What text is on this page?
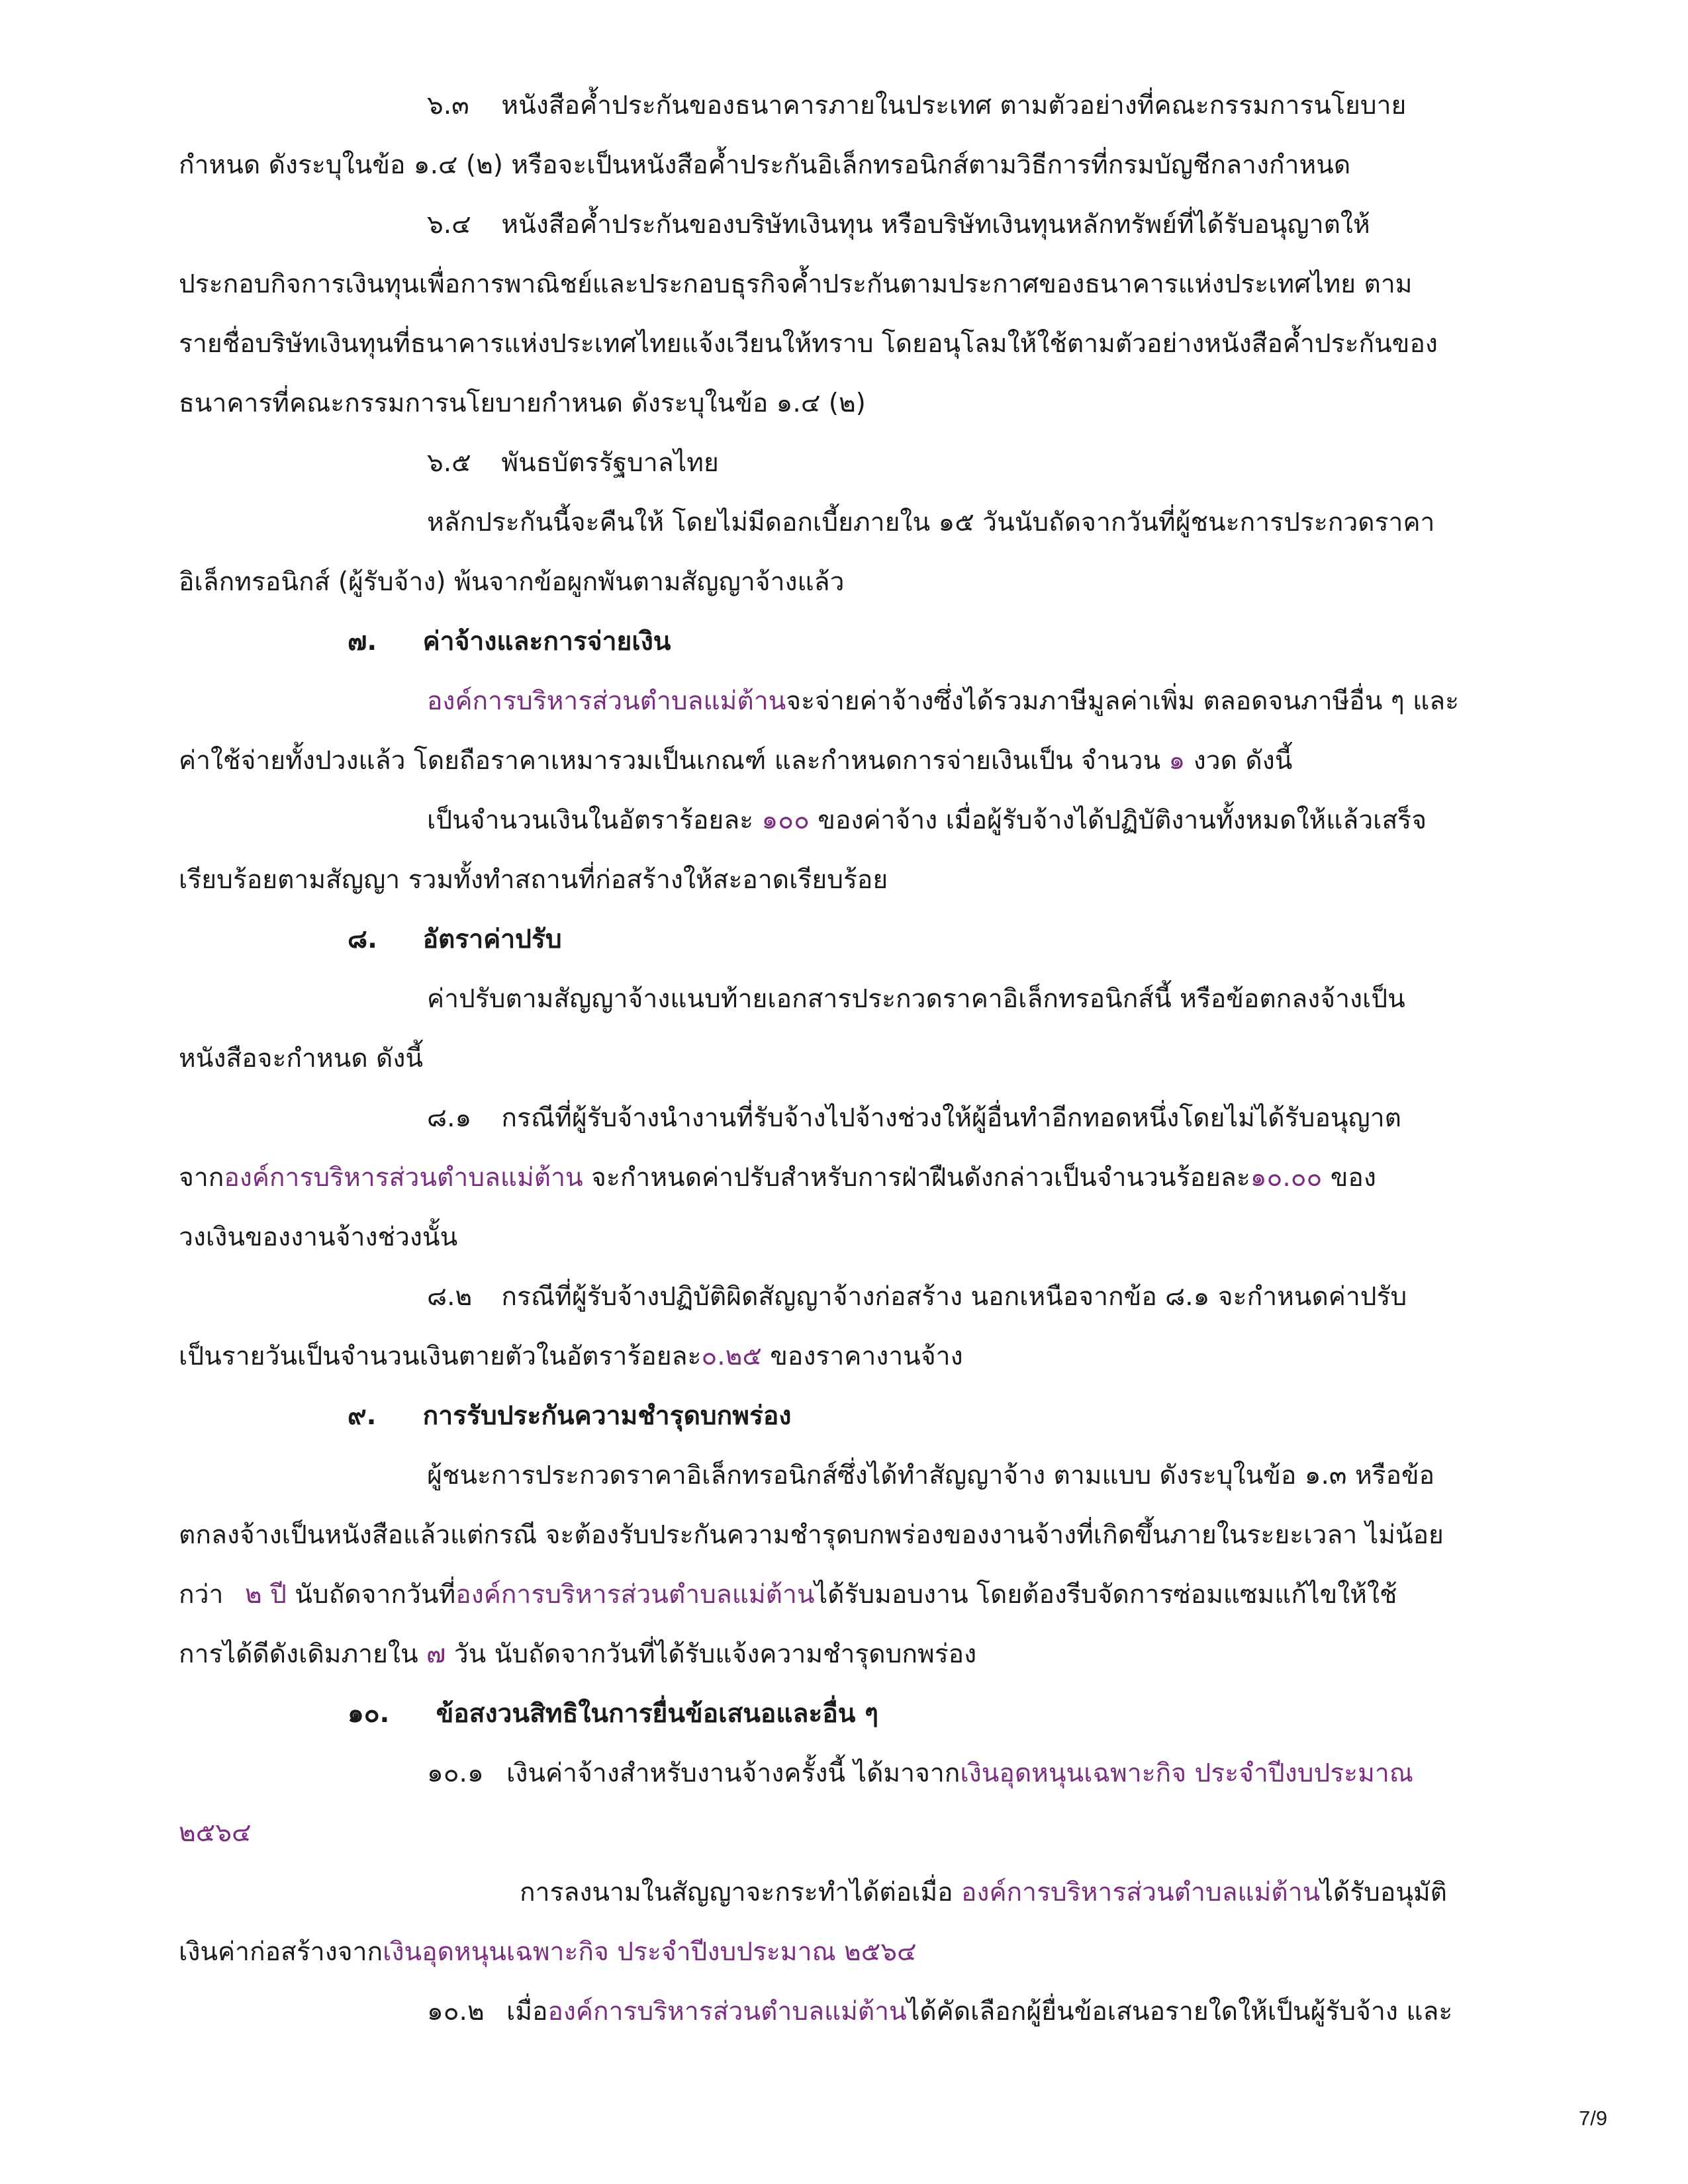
๖.๓ หนังสือค้ำประกันของธนาคารภายในประเทศ ตามตัวอย่างที่คณะกรรมการนโยบาย
กำหนด ดังระบุในข้อ ๑.๔ (๒) หรือจะเป็นหนังสือค้ำประกันอิเล็กทรอนิกส์ตามวิธีการที่กรมบัญชีกลางกำหนด
๖.๔ หนังสือค้ำประกันของบริษัทเงินทุน หรือบริษัทเงินทุนหลักทรัพย์ที่ได้รับอนุญาตให้
ประกอบกิจการเงินทุนเพื่อการพาณิชย์และประกอบธุรกิจค้ำประกันตามประกาศของธนาคารแห่งประเทศไทย ตาม
รายชื่อบริษัทเงินทุนที่ธนาคารแห่งประเทศไทยแจ้งเวียนให้ทราบ โดยอนุโลมให้ใช้ตามตัวอย่างหนังสือค้ำประกันของ
ธนาคารที่คณะกรรมการนโยบายกำหนด ดังระบุในข้อ ๑.๔ (๒)
๖.๕ พันธบัตรรัฐบาลไทย
หลักประกันนี้จะคืนให้ โดยไม่มีดอกเบี้ยภายใน ๑๕ วันนับถัดจากวันที่ผู้ชนะการประกวดราคา
อิเล็กทรอนิกส์ (ผู้รับจ้าง) พ้นจากข้อผูกพันตามสัญญาจ้างแล้ว
๗. ค่าจ้างและการจ่ายเงิน
องค์การบริหารส่วนตำบลแม่ต้านจะจ่ายค่าจ้างซึ่งได้รวมภาษีมูลค่าเพิ่ม ตลอดจนภาษีอื่น ๆ และ
ค่าใช้จ่ายทั้งปวงแล้ว โดยถือราคาเหมารวมเป็นเกณฑ์ และกำหนดการจ่ายเงินเป็น จำนวน ๑ งวด ดังนี้
เป็นจำนวนเงินในอัตราร้อยละ ๑๐๐ ของค่าจ้าง เมื่อผู้รับจ้างได้ปฏิบัติงานทั้งหมดให้แล้วเสร็จ
เรียบร้อยตามสัญญา รวมทั้งทำสถานที่ก่อสร้างให้สะอาดเรียบร้อย
๘. อัตราค่าปรับ
ค่าปรับตามสัญญาจ้างแนบท้ายเอกสารประกวดราคาอิเล็กทรอนิกส์นี้ หรือข้อตกลงจ้างเป็น
หนังสือจะกำหนด ดังนี้
๘.๑ กรณีที่ผู้รับจ้างนำงานที่รับจ้างไปจ้างช่วงให้ผู้อื่นทำอีกทอดหนึ่งโดยไม่ได้รับอนุญาต
จากองค์การบริหารส่วนตำบลแม่ต้าน จะกำหนดค่าปรับสำหรับการฝ่าฝืนดังกล่าวเป็นจำนวนร้อยละ๑๐.๐๐ ของ
วงเงินของงานจ้างช่วงนั้น
๘.๒ กรณีที่ผู้รับจ้างปฏิบัติผิดสัญญาจ้างก่อสร้าง นอกเหนือจากข้อ ๘.๑ จะกำหนดค่าปรับ
เป็นรายวันเป็นจำนวนเงินตายตัวในอัตราร้อยละ๐.๒๕ ของราคางานจ้าง
๙. การรับประกันความชำรุดบกพร่อง
ผู้ชนะการประกวดราคาอิเล็กทรอนิกส์ซึ่งได้ทำสัญญาจ้าง ตามแบบ ดังระบุในข้อ ๑.๓ หรือข้อ
ตกลงจ้างเป็นหนังสือแล้วแต่กรณี จะต้องรับประกันความชำรุดบกพร่องของงานจ้างที่เกิดขึ้นภายในระยะเวลา ไม่น้อย
กว่า ๒ ปี นับถัดจากวันที่องค์การบริหารส่วนตำบลแม่ต้านได้รับมอบงาน โดยต้องรีบจัดการซ่อมแซมแก้ไขให้ใช้
การได้ดีดังเดิมภายใน ๗ วัน นับถัดจากวันที่ได้รับแจ้งความชำรุดบกพร่อง
๑๐. ข้อสงวนสิทธิในการยื่นข้อเสนอและอื่น ๆ
๑๐.๑ เงินค่าจ้างสำหรับงานจ้างครั้งนี้ ได้มาจากเงินอุดหนุนเฉพาะกิจ ประจำปีงบประมาณ
๒๕๖๔
การลงนามในสัญญาจะกระทำได้ต่อเมื่อ องค์การบริหารส่วนตำบลแม่ต้านได้รับอนุมัติ
เงินค่าก่อสร้างจากเงินอุดหนุนเฉพาะกิจ ประจำปีงบประมาณ ๒๕๖๔
๑๐.๒ เมื่อองค์การบริหารส่วนตำบลแม่ต้านได้คัดเลือกผู้ยื่นข้อเสนอรายใดให้เป็นผู้รับจ้าง และ
7/9
